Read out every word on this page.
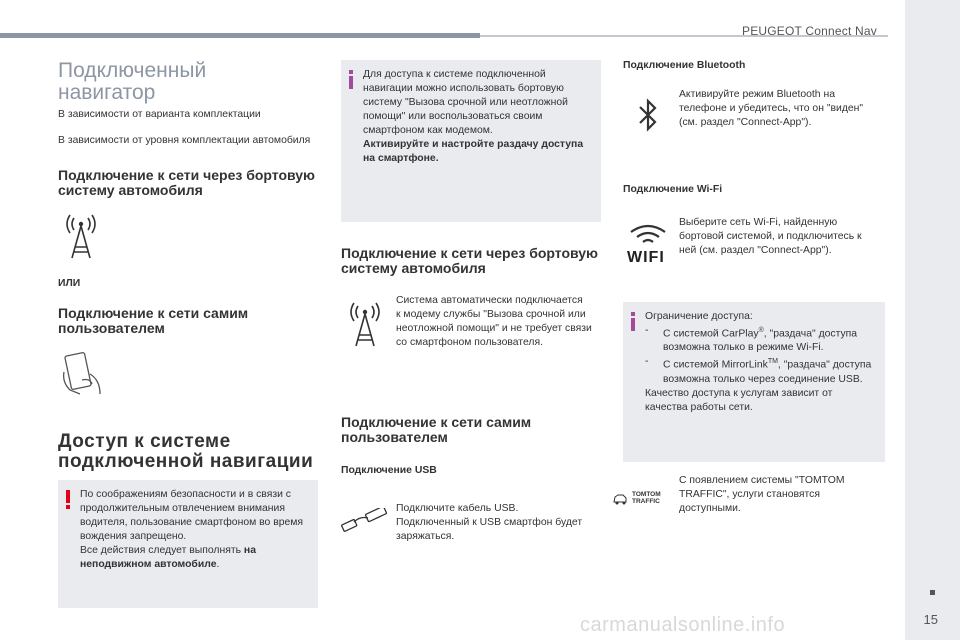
PEUGEOT Connect Nav
15
carmanualsonline.info
Подключенный
навигатор
В зависимости от варианта комплектации
В зависимости от уровня комплектации автомобиля
Подключение к сети через бортовую
систему автомобиля
ИЛИ
Подключение к сети самим
пользователем
Доступ к системе
подключенной навигации
По соображениям безопасности и в связи с
продолжительным отвлечением внимания
водителя, пользование смартфоном во время
вождения запрещено.
Все действия следует выполнять на
неподвижном автомобиле.
Для доступа к системе подключенной
навигации можно использовать бортовую
систему "Вызова срочной или неотложной
помощи" или воспользоваться своим
смартфоном как модемом.
Активируйте и настройте раздачу доступа
на смартфоне.
Подключение к сети через бортовую
систему автомобиля
Система автоматически подключается
к модему службы "Вызова срочной или
неотложной помощи" и не требует связи
со смартфоном пользователя.
Подключение к сети самим
пользователем
Подключение USB
Подключите кабель USB.
Подключенный к USB смартфон будет
заряжаться.
Подключение Bluetooth
Активируйте режим Bluetooth на
телефоне и убедитесь, что он "виден"
(см. раздел "Connect-App").
Подключение Wi-Fi
WIFI
Выберите сеть Wi-Fi, найденную
бортовой системой, и подключитесь к
ней (см. раздел "Connect-App").
Ограничение доступа:
- С системой CarPlay®, "раздача" доступа
возможна только в режиме Wi-Fi.
- С системой MirrorLink™, "раздача" доступа
возможна только через соединение USB.
Качество доступа к услугам зависит от
качества работы сети.
TOMTOM
TRAFFIC
С появлением системы "TOMTOM
TRAFFIC", услуги становятся
доступными.
